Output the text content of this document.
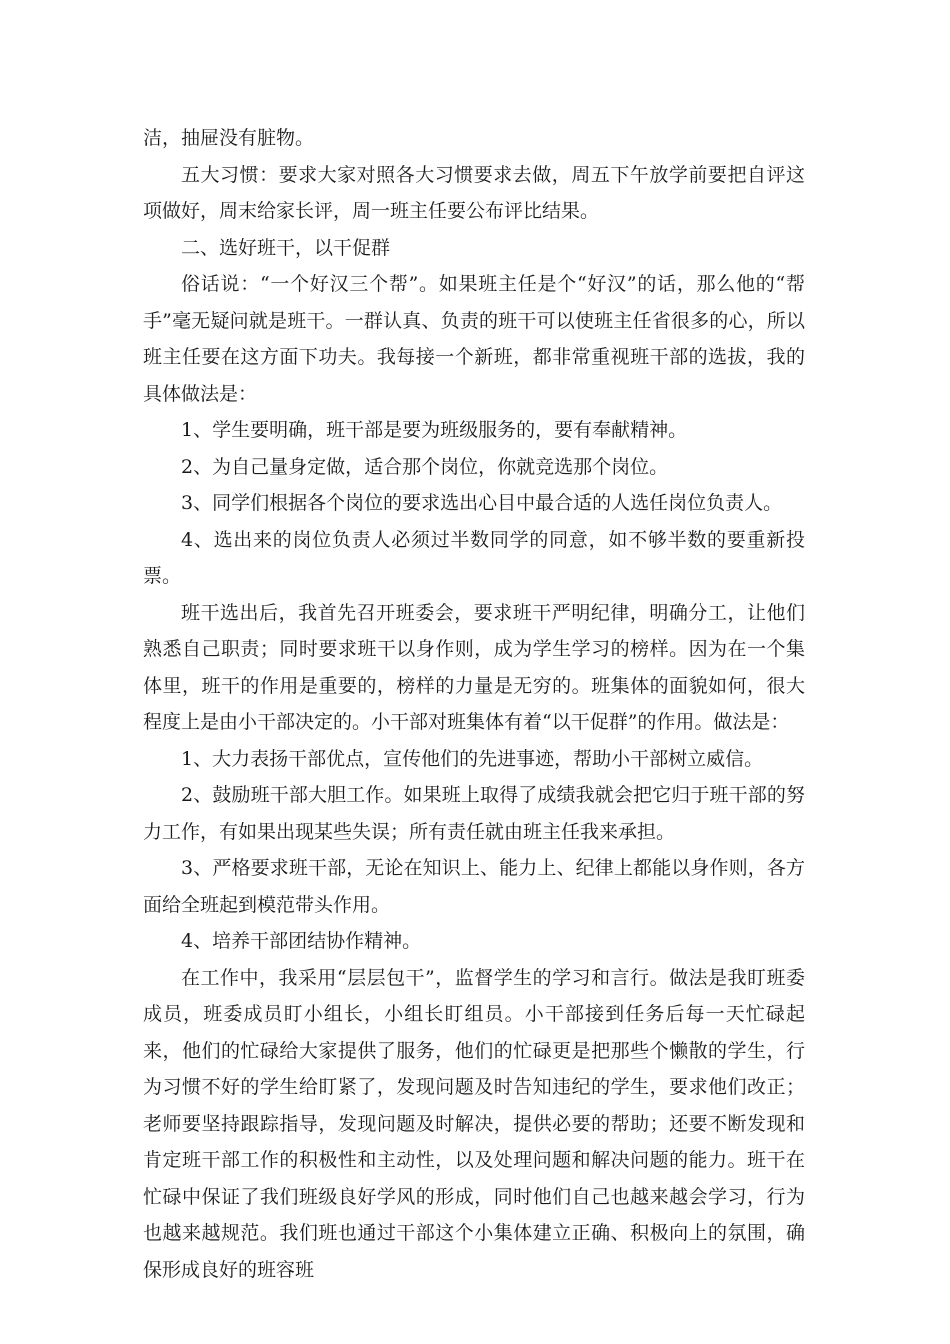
洁，抽屉没有脏物。

五大习惯：要求大家对照各大习惯要求去做，周五下午放学前要把自评这项做好，周末给家长评，周一班主任要公布评比结果。

二、选好班干，以干促群

俗话说：“一个好汉三个帮”。如果班主任是个“好汉”的话，那么他的“帮手”毫无疑问就是班干。一群认真、负责的班干可以使班主任省很多的心，所以班主任要在这方面下功夫。我每接一个新班，都非常重视班干部的选拔，我的具体做法是：

1、学生要明确，班干部是要为班级服务的，要有奉献精神。

2、为自己量身定做，适合那个岗位，你就竞选那个岗位。

3、同学们根据各个岗位的要求选出心目中最合适的人选任岗位负责人。

4、选出来的岗位负责人必须过半数同学的同意，如不够半数的要重新投票。

班干选出后，我首先召开班委会，要求班干严明纪律，明确分工，让他们熟悉自己职责；同时要求班干以身作则，成为学生学习的榜样。因为在一个集体里，班干的作用是重要的，榜样的力量是无穷的。班集体的面貌如何，很大程度上是由小干部决定的。小干部对班集体有着“以干促群”的作用。做法是：

1、大力表扬干部优点，宣传他们的先进事迹，帮助小干部树立威信。

2、鼓励班干部大胆工作。如果班上取得了成绩我就会把它归于班干部的努力工作，有如果出现某些失误；所有责任就由班主任我来承担。

3、严格要求班干部，无论在知识上、能力上、纪律上都能以身作则，各方面给全班起到模范带头作用。

4、培养干部团结协作精神。

在工作中，我采用“层层包干”，监督学生的学习和言行。做法是我盯班委成员，班委成员盯小组长，小组长盯组员。小干部接到任务后每一天忙碌起来，他们的忙碌给大家提供了服务，他们的忙碌更是把那些个懒散的学生，行为习惯不好的学生给盯紧了，发现问题及时告知违纪的学生，要求他们改正；老师要坚持跟踪指导，发现问题及时解决，提供必要的帮助；还要不断发现和肯定班干部工作的积极性和主动性，以及处理问题和解决问题的能力。班干在忙碌中保证了我们班级良好学风的形成，同时他们自己也越来越会学习，行为也越来越规范。我们班也通过干部这个小集体建立正确、积极向上的氛围，确保形成良好的班容班
